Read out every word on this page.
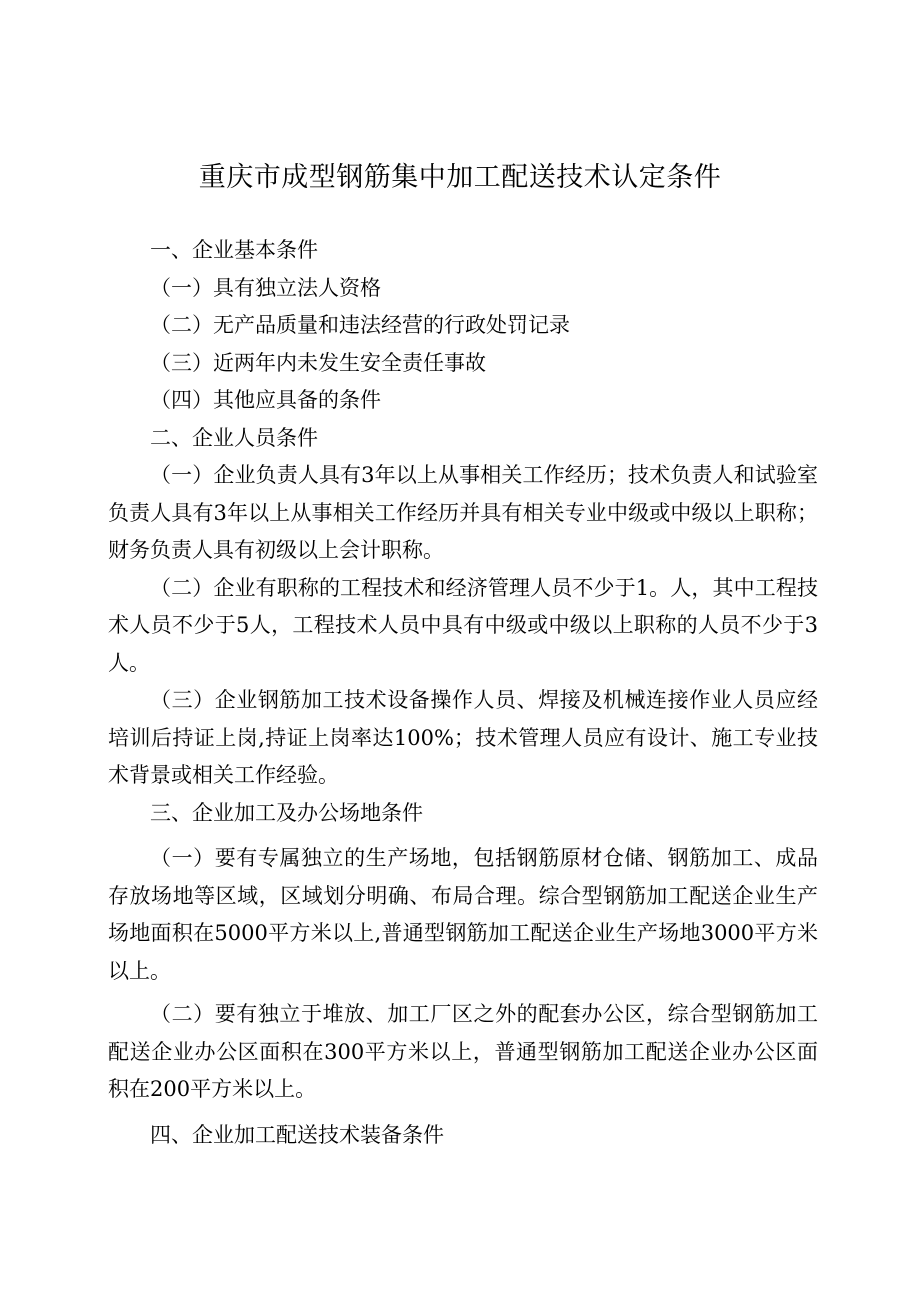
重庆市成型钢筋集中加工配送技术认定条件

一、企业基本条件

（一）具有独立法人资格

（二）无产品质量和违法经营的行政处罚记录

（三）近两年内未发生安全责任事故

（四）其他应具备的条件

二、企业人员条件

（一）企业负责人具有3年以上从事相关工作经历；技术负责人和试验室负责人具有3年以上从事相关工作经历并具有相关专业中级或中级以上职称；财务负责人具有初级以上会计职称。

（二）企业有职称的工程技术和经济管理人员不少于1。人，其中工程技术人员不少于5人，工程技术人员中具有中级或中级以上职称的人员不少于3人。

（三）企业钢筋加工技术设备操作人员、焊接及机械连接作业人员应经培训后持证上岗,持证上岗率达100%；技术管理人员应有设计、施工专业技术背景或相关工作经验。

三、企业加工及办公场地条件

（一）要有专属独立的生产场地，包括钢筋原材仓储、钢筋加工、成品存放场地等区域，区域划分明确、布局合理。综合型钢筋加工配送企业生产场地面积在5000平方米以上,普通型钢筋加工配送企业生产场地3000平方米以上。

（二）要有独立于堆放、加工厂区之外的配套办公区，综合型钢筋加工配送企业办公区面积在300平方米以上，普通型钢筋加工配送企业办公区面积在200平方米以上。

四、企业加工配送技术装备条件
